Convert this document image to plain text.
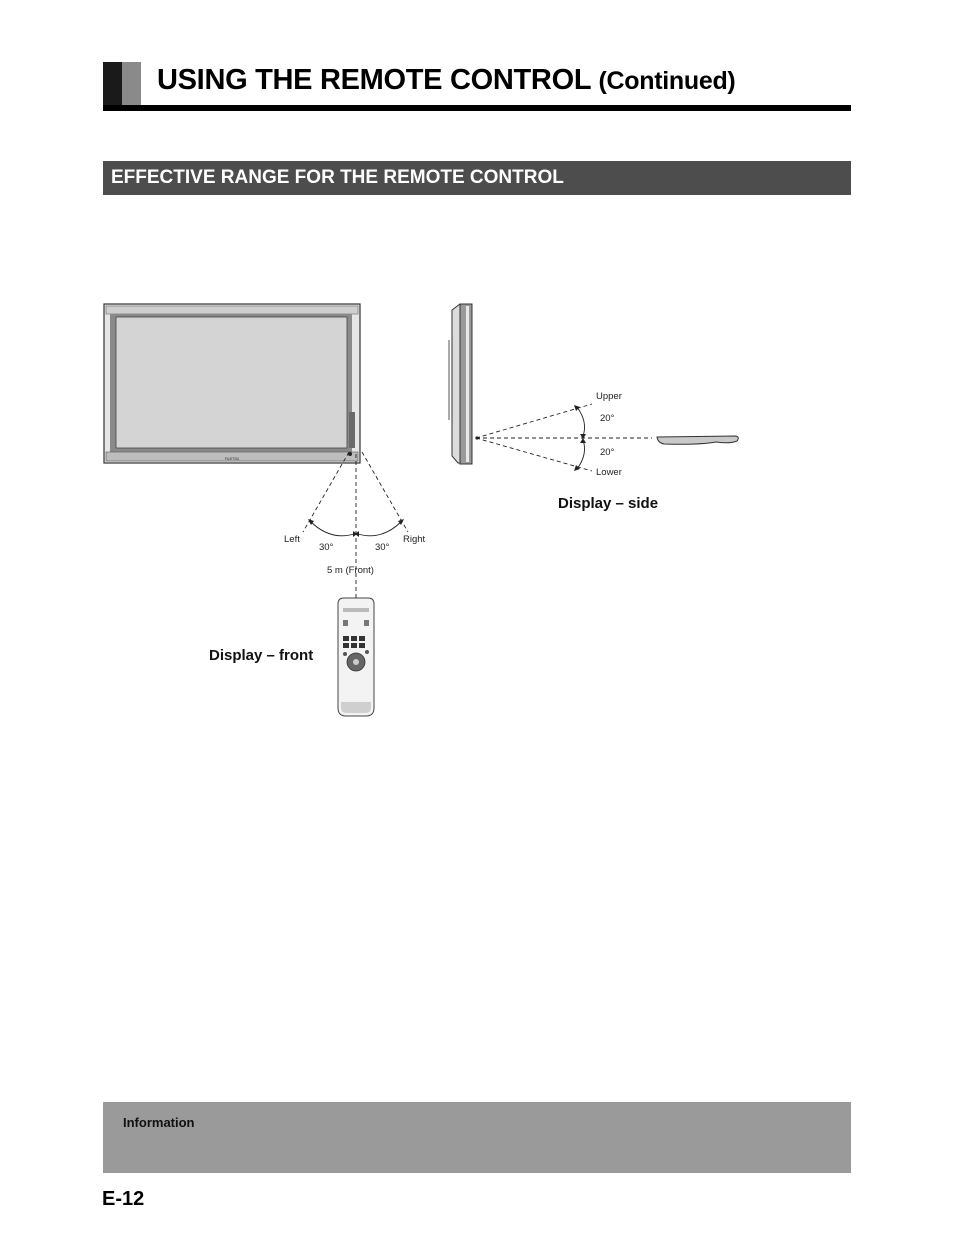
USING THE REMOTE CONTROL (Continued)
EFFECTIVE RANGE FOR THE REMOTE CONTROL
FUJITSU
Left	Right
30°	30°
5 m (Front)
Upper
20°
20°
Lower
Display – side
Display – front
Information
E-12
